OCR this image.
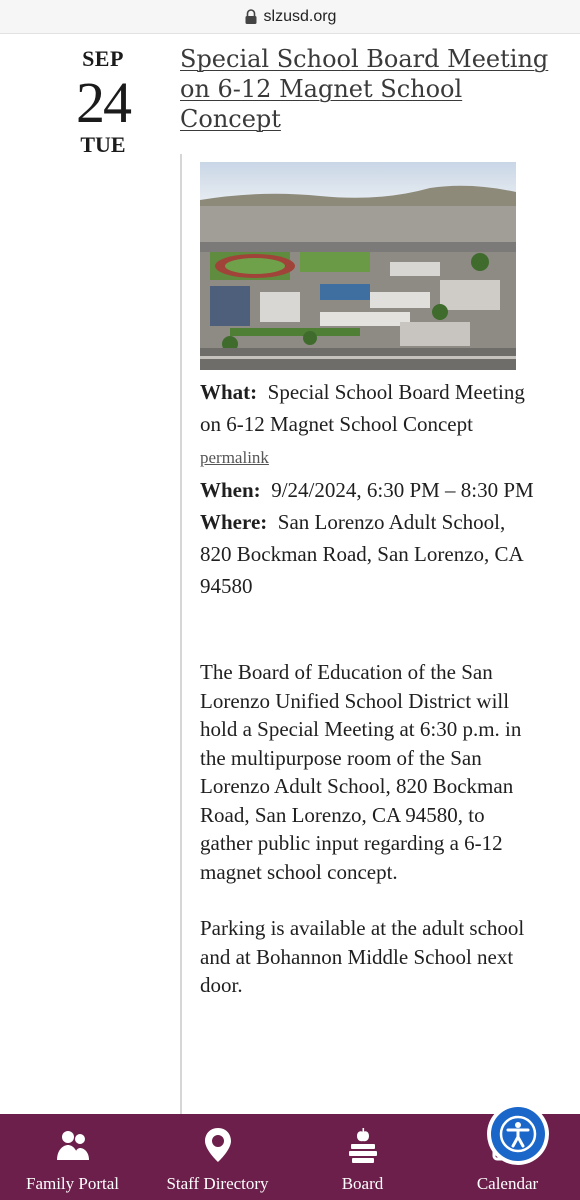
slzusd.org
SEP
24
TUE
Special School Board Meeting on 6-12 Magnet School Concept
What: Special School Board Meeting on 6-12 Magnet School Concept permalink
When: 9/24/2024, 6:30 PM – 8:30 PM
Where: San Lorenzo Adult School, 820 Bockman Road, San Lorenzo, CA 94580

The Board of Education of the San Lorenzo Unified School District will hold a Special Meeting at 6:30 p.m. in the multipurpose room of the San Lorenzo Adult School, 820 Bockman Road, San Lorenzo, CA 94580, to gather public input regarding a 6-12 magnet school concept.

Parking is available at the adult school and at Bohannon Middle School next door.

Family Portal	Staff Directory	Board	Calendar
